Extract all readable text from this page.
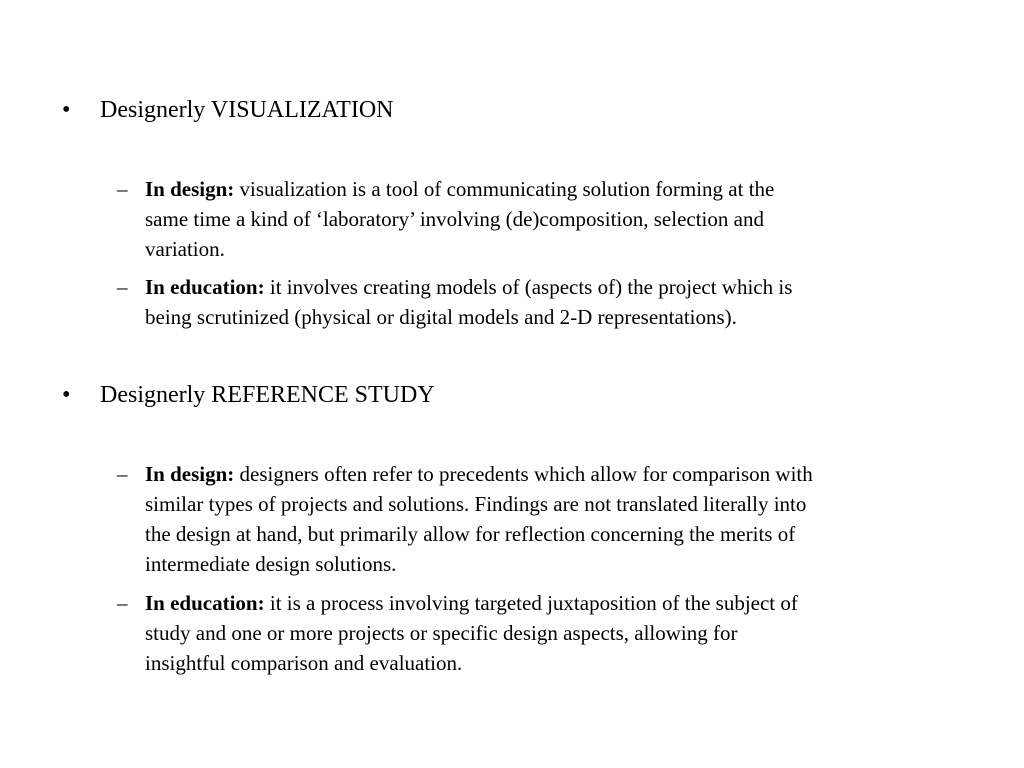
• Designerly VISUALIZATION
– In design: visualization is a tool of communicating solution forming at the
same time a kind of ‘laboratory’ involving (de)composition, selection and
variation.
– In education: it involves creating models of (aspects of) the project which is
being scrutinized (physical or digital models and 2-D representations).
• Designerly REFERENCE STUDY
– In design: designers often refer to precedents which allow for comparison with
similar types of projects and solutions. Findings are not translated literally into
the design at hand, but primarily allow for reflection concerning the merits of
intermediate design solutions.
– In education: it is a process involving targeted juxtaposition of the subject of
study and one or more projects or specific design aspects, allowing for
insightful comparison and evaluation.
